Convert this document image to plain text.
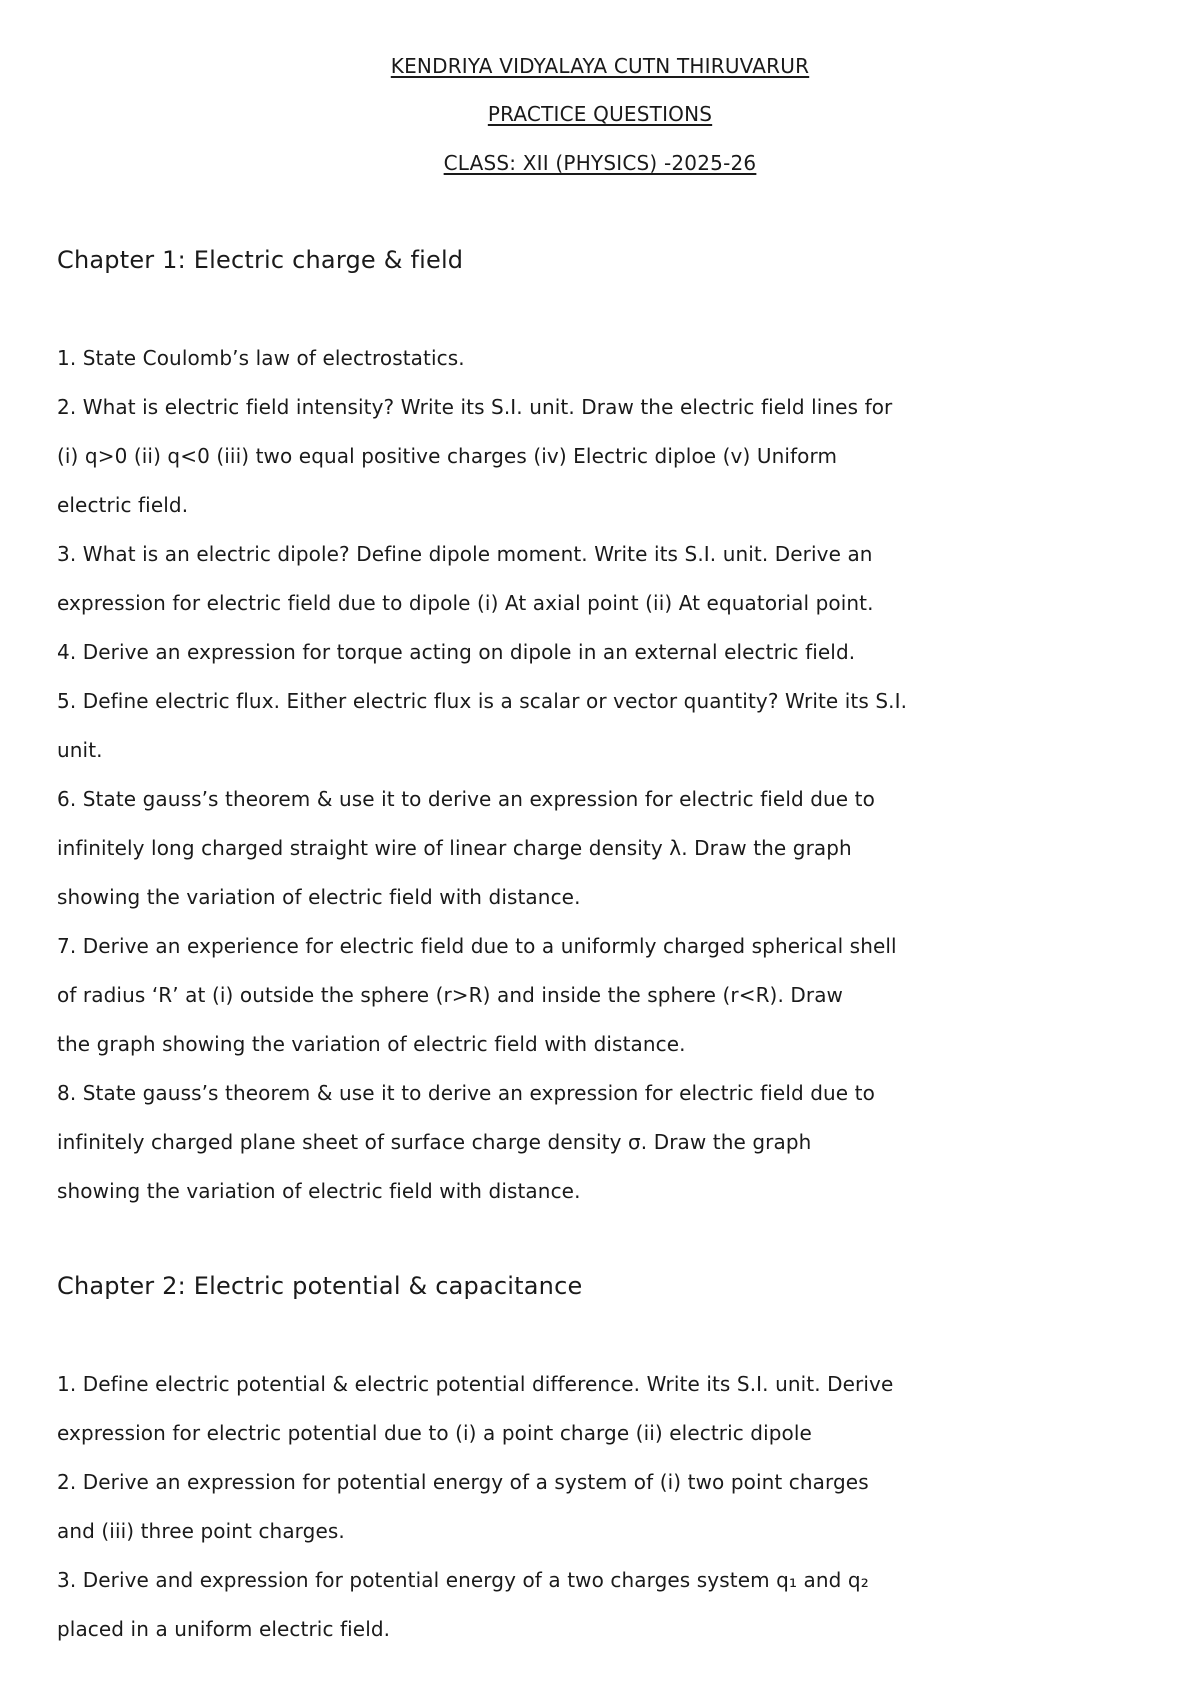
KENDRIYA VIDYALAYA CUTN THIRUVARUR
PRACTICE QUESTIONS
CLASS: XII (PHYSICS) -2025-26
Chapter 1: Electric charge & field
1. State Coulomb’s law of electrostatics.
2. What is electric field intensity? Write its S.I. unit. Draw the electric field lines for
(i) q>0 (ii) q<0 (iii) two equal positive charges (iv) Electric diploe (v) Uniform
electric field.
3. What is an electric dipole? Define dipole moment. Write its S.I. unit. Derive an
expression for electric field due to dipole (i) At axial point (ii) At equatorial point.
4. Derive an expression for torque acting on dipole in an external electric field.
5. Define electric flux. Either electric flux is a scalar or vector quantity? Write its S.I.
unit.
6. State gauss’s theorem & use it to derive an expression for electric field due to
infinitely long charged straight wire of linear charge density λ. Draw the graph
showing the variation of electric field with distance.
7. Derive an experience for electric field due to a uniformly charged spherical shell
of radius ‘R’ at (i) outside the sphere (r>R) and inside the sphere (r<R). Draw
the graph showing the variation of electric field with distance.
8. State gauss’s theorem & use it to derive an expression for electric field due to
infinitely charged plane sheet of surface charge density σ. Draw the graph
showing the variation of electric field with distance.
Chapter 2: Electric potential & capacitance
1. Define electric potential & electric potential difference. Write its S.I. unit. Derive
expression for electric potential due to (i) a point charge (ii) electric dipole
2. Derive an expression for potential energy of a system of (i) two point charges
and (iii) three point charges.
3. Derive and expression for potential energy of a two charges system q₁ and q₂
placed in a uniform electric field.
